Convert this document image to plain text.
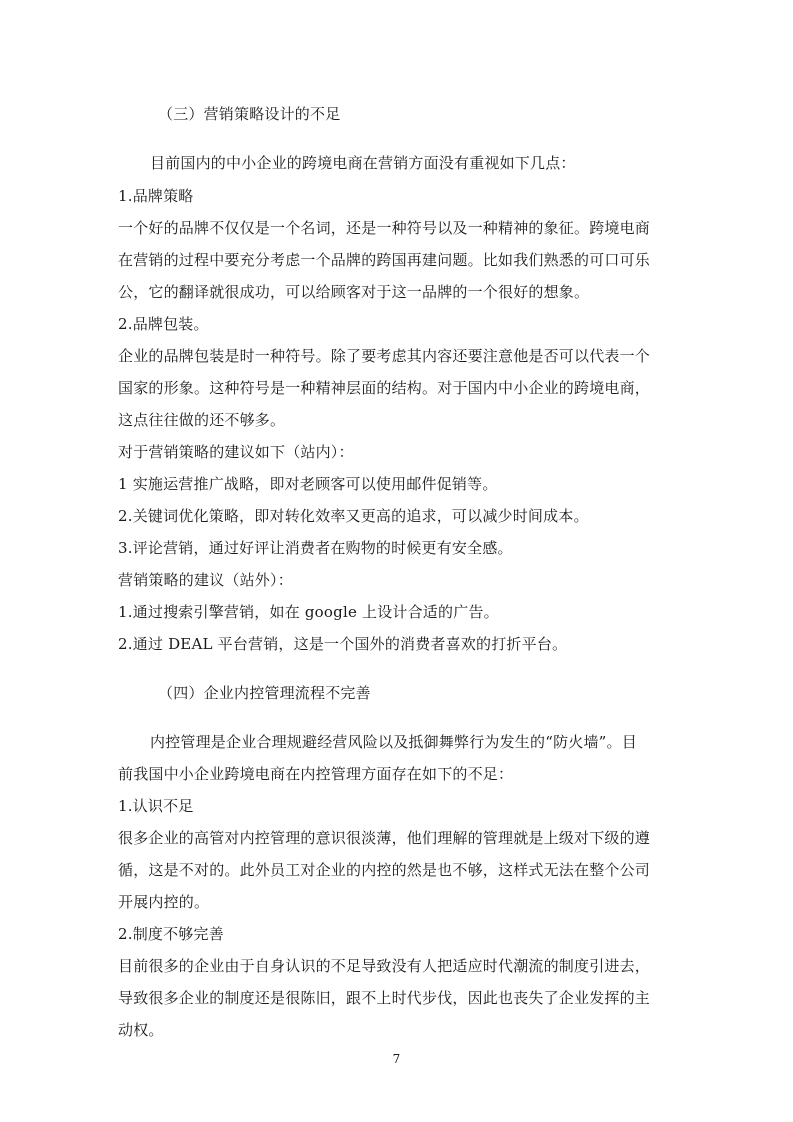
（三）营销策略设计的不足
目前国内的中小企业的跨境电商在营销方面没有重视如下几点：
1.品牌策略
一个好的品牌不仅仅是一个名词，还是一种符号以及一种精神的象征。跨境电商
在营销的过程中要充分考虑一个品牌的跨国再建问题。比如我们熟悉的可口可乐
公，它的翻译就很成功，可以给顾客对于这一品牌的一个很好的想象。
2.品牌包装。
企业的品牌包装是时一种符号。除了要考虑其内容还要注意他是否可以代表一个
国家的形象。这种符号是一种精神层面的结构。对于国内中小企业的跨境电商，
这点往往做的还不够多。
对于营销策略的建议如下（站内）：
1 实施运营推广战略，即对老顾客可以使用邮件促销等。
2.关键词优化策略，即对转化效率又更高的追求，可以减少时间成本。
3.评论营销，通过好评让消费者在购物的时候更有安全感。
营销策略的建议（站外）：
1.通过搜索引擎营销，如在 google 上设计合适的广告。
2.通过 DEAL 平台营销，这是一个国外的消费者喜欢的打折平台。
（四）企业内控管理流程不完善
内控管理是企业合理规避经营风险以及抵御舞弊行为发生的“防火墙”。目
前我国中小企业跨境电商在内控管理方面存在如下的不足：
1.认识不足
很多企业的高管对内控管理的意识很淡薄，他们理解的管理就是上级对下级的遵
循，这是不对的。此外员工对企业的内控的然是也不够，这样式无法在整个公司
开展内控的。
2.制度不够完善
目前很多的企业由于自身认识的不足导致没有人把适应时代潮流的制度引进去，
导致很多企业的制度还是很陈旧，跟不上时代步伐，因此也丧失了企业发挥的主
动权。
7
